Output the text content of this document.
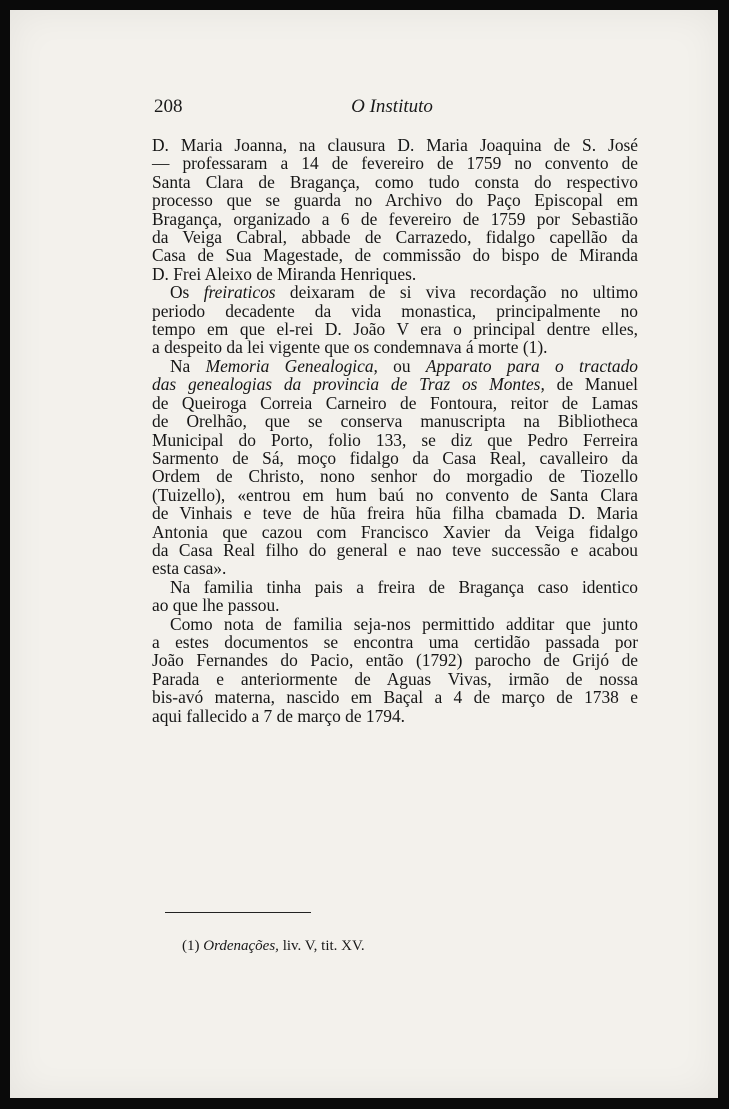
208	O Instituto
D. Maria Joanna, na clausura D. Maria Joaquina de S. José
— professaram a 14 de fevereiro de 1759 no convento de
Santa Clara de Bragança, como tudo consta do respectivo
processo que se guarda no Archivo do Paço Episcopal em
Bragança, organizado a 6 de fevereiro de 1759 por Sebastião
da Veiga Cabral, abbade de Carrazedo, fidalgo capellão da
Casa de Sua Magestade, de commissão do bispo de Miranda
D. Frei Aleixo de Miranda Henriques.
Os freiraticos deixaram de si viva recordação no ultimo
periodo decadente da vida monastica, principalmente no
tempo em que el-rei D. João V era o principal dentre elles,
a despeito da lei vigente que os condemnava á morte (1).
Na Memoria Genealogica, ou Apparato para o tractado
das genealogias da provincia de Traz os Montes, de Manuel
de Queiroga Correia Carneiro de Fontoura, reitor de Lamas
de Orelhão, que se conserva manuscripta na Bibliotheca
Municipal do Porto, folio 133, se diz que Pedro Ferreira
Sarmento de Sá, moço fidalgo da Casa Real, cavalleiro da
Ordem de Christo, nono senhor do morgadio de Tiozello
(Tuizello), «entrou em hum baú no convento de Santa Clara
de Vinhais e teve de hũa freira hũa filha cbamada D. Maria
Antonia que cazou com Francisco Xavier da Veiga fidalgo
da Casa Real filho do general e nao teve successão e acabou
esta casa».
Na familia tinha pais a freira de Bragança caso identico
ao que lhe passou.
Como nota de familia seja-nos permittido additar que junto
a estes documentos se encontra uma certidão passada por
João Fernandes do Pacio, então (1792) parocho de Grijó de
Parada e anteriormente de Aguas Vivas, irmão de nossa
bis-avó materna, nascido em Baçal a 4 de março de 1738 e
aqui fallecido a 7 de março de 1794.
(1) Ordenações, liv. V, tit. XV.
